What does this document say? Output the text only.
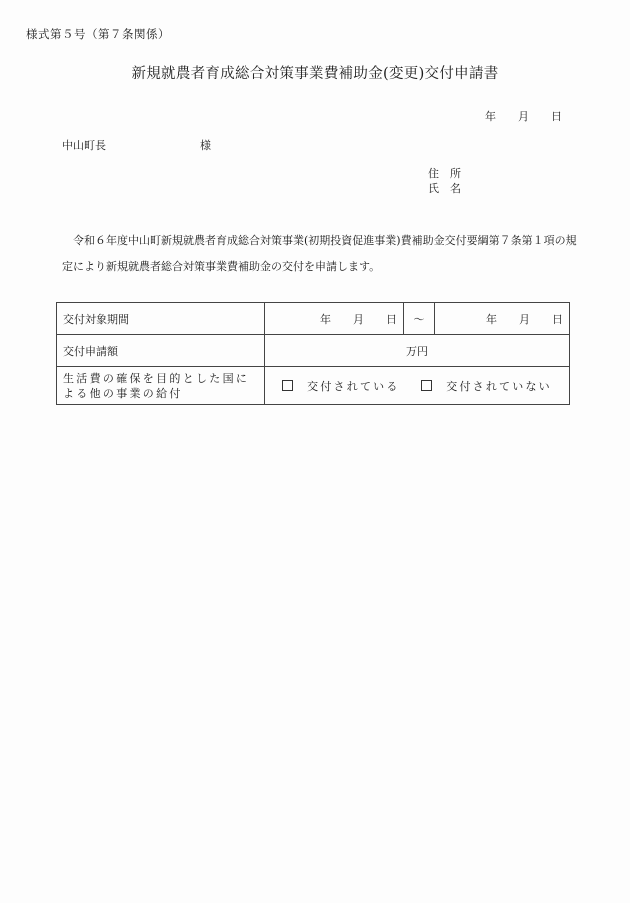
様式第５号（第７条関係）
新規就農者育成総合対策事業費補助金(変更)交付申請書
年 月 日
中山町長	様
住　所
氏　名
令和６年度中山町新規就農者育成総合対策事業(初期投資促進事業)費補助金交付要綱第７条第１項の規定により新規就農者総合対策事業費補助金の交付を申請します。
交付対象期間	年 月 日	～	年 月 日
交付申請額	万円		
生活費の確保を目的とした国による他の事業の給付	交付されている 交付されていない		
